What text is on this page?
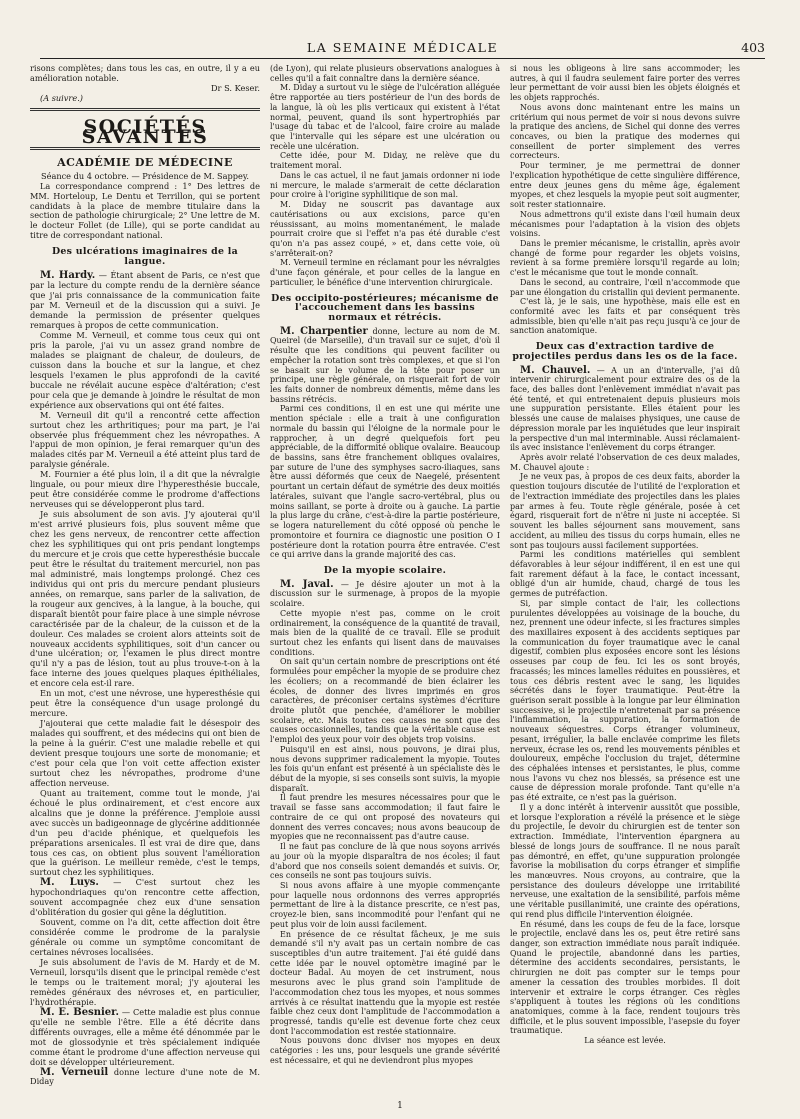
LA SEMAINE MÉDICALE	403

risons complètes; dans tous les cas, en outre, il y a eu amélioration notable.

Dr S. Keser.

(A suivre.)

SOCIÉTÉS SAVANTES
ACADÉMIE DE MÉDECINE

Séance du 4 octobre. — Présidence de M. Sappey.

La correspondance comprend : 1° Des lettres de MM. Horteloup, Le Dentu et Terrillon, qui se portent candidats à la place de membre titulaire dans la section de pathologie chirurgicale; 2° Une lettre de M. le docteur Follet (de Lille), qui se porte candidat au titre de correspondant national.

Des ulcérations imaginaires de la langue.

M. Hardy. — Étant absent de Paris, ce n'est que par la lecture du compte rendu de la dernière séance que j'ai pris connaissance de la communication faite par M. Verneuil et de la discussion qui a suivi. Je demande la permission de présenter quelques remarques à propos de cette communication.

Comme M. Verneuil, et comme tous ceux qui ont pris la parole, j'ai vu un assez grand nombre de malades se plaignant de chaleur, de douleurs, de cuisson dans la bouche et sur la langue, et chez lesquels l'examen le plus approfondi de la cavité buccale ne révélait aucune espèce d'altération; c'est pour cela que je demande à joindre le résultat de mon expérience aux observations qui ont été faites.

M. Verneuil dit qu'il a rencontré cette affection surtout chez les arthritiques; pour ma part, je l'ai observée plus fréquemment chez les névropathes. A l'appui de mon opinion, je ferai remarquer qu'un des malades cités par M. Verneuil a été atteint plus tard de paralysie générale.

M. Fournier a été plus loin, il a dit que la névralgie linguale, ou pour mieux dire l'hyperesthésie buccale, peut être considérée comme le prodrome d'affections nerveuses qui se développeront plus tard.

Je suis absolument de son avis. J'y ajouterai qu'il m'est arrivé plusieurs fois, plus souvent même que chez les gens nerveux, de rencontrer cette affection chez les syphilitiques qui ont pris pendant longtemps du mercure et je crois que cette hyperesthésie buccale peut être le résultat du traitement mercuriel, non pas mal administré, mais longtemps prolongé. Chez ces individus qui ont pris du mercure pendant plusieurs années, on remarque, sans parler de la salivation, de la rougeur aux gencives, à la langue, à la bouche, qui disparaît bientôt pour faire place à une simple névrose caractérisée par de la chaleur, de la cuisson et de la douleur. Ces malades se croient alors atteints soit de nouveaux accidents syphilitiques, soit d'un cancer ou d'une ulcération; or, l'examen le plus direct montre qu'il n'y a pas de lésion, tout au plus trouve-t-on à la face interne des joues quelques plaques épithéliales, et encore cela est-il rare.

En un mot, c'est une névrose, une hyperesthésie qui peut être la conséquence d'un usage prolongé du mercure.

J'ajouterai que cette maladie fait le désespoir des malades qui souffrent, et des médecins qui ont bien de la peine à la guérir. C'est une maladie rebelle et qui devient presque toujours une sorte de monomanie; et c'est pour cela que l'on voit cette affection exister surtout chez les névropathes, prodrome d'une affection nerveuse.

Quant au traitement, comme tout le monde, j'ai échoué le plus ordinairement, et c'est encore aux alcalins que je donne la préférence. J'emploie aussi avec succès un badigeonnage de glycérine additionnée d'un peu d'acide phénique, et quelquefois les préparations arsenicales. Il est vrai de dire que, dans tous ces cas, on obtient plus souvent l'amélioration que la guérison. Le meilleur remède, c'est le temps, surtout chez les syphilitiques.

M. Luys. — C'est surtout chez les hypochondriaques qu'on rencontre cette affection, souvent accompagnée chez eux d'une sensation d'oblitération du gosier qui gêne la déglutition.

Souvent, comme on l'a dit, cette affection doit être considérée comme le prodrome de la paralysie générale ou comme un symptôme concomitant de certaines névroses localisées.

Je suis absolument de l'avis de M. Hardy et de M. Verneuil, lorsqu'ils disent que le principal remède c'est le temps ou le traitement moral; j'y ajouterai les remèdes généraux des névroses et, en particulier, l'hydrothérapie.

M. E. Besnier. — Cette maladie est plus connue qu'elle ne semble l'être. Elle a été décrite dans différents ouvrages, elle a même été dénommée par le mot de glossodynie et très spécialement indiquée comme étant le prodrome d'une affection nerveuse qui doit se développer ultérieurement.

M. Verneuil donne lecture d'une note de M. Diday

(de Lyon), qui relate plusieurs observations analogues à celles qu'il a fait connaître dans la dernière séance.

M. Diday a surtout vu le siège de l'ulcération alléguée être rapportée au tiers postérieur de l'un des bords de la langue, là où les plis verticaux qui existent à l'état normal, peuvent, quand ils sont hypertrophiés par l'usage du tabac et de l'alcool, faire croire au malade que l'intervalle qui les sépare est une ulcération ou recèle une ulcération.

Cette idée, pour M. Diday, ne relève que du traitement moral.

Dans le cas actuel, il ne faut jamais ordonner ni iode ni mercure, le malade s'armerait de cette déclaration pour croire à l'origine syphilitique de son mal.

M. Diday ne souscrit pas davantage aux cautérisations ou aux excisions, parce qu'en réussissant, au moins momentanément, le malade pourrait croire que si l'effet n'a pas été durable c'est qu'on n'a pas assez coupé, » et, dans cette voie, où s'arrêterait-on?

M. Verneuil termine en réclamant pour les névralgies d'une façon générale, et pour celles de la langue en particulier, le bénéfice d'une intervention chirurgicale.

Des occipito-postérieures; mécanisme de l'accouchement dans les bassins normaux et rétrécis.

M. Charpentier donne, lecture au nom de M. Queirel (de Marseille), d'un travail sur ce sujet, d'où il résulte que les conditions qui peuvent faciliter ou empêcher la rotation sont très complexes, et que si l'on se basait sur le volume de la tête pour poser un principe, une règle générale, on risquerait fort de voir les faits donner de nombreux démentis, même dans les bassins rétrécis.

Parmi ces conditions, il en est une qui mérite une mention spéciale : elle a trait à une configuration normale du bassin qui l'éloigne de la normale pour le rapprocher, à un degré quelquefois fort peu appréciable, de la difformité oblique ovalaire. Beaucoup de bassins, sans être franchement obliques ovalaires, par suture de l'une des symphyses sacro-iliaques, sans être aussi déformés que ceux de Naegelé, présentent pourtant un certain défaut de symétrie des deux moitiés latérales, suivant que l'angle sacro-vertébral, plus ou moins saillant, se porte à droite ou à gauche. La partie la plus large du crâne, c'est-à-dire la partie postérieure, se logera naturellement du côté opposé où penche le promontoire et fournira ce diagnostic une position O I postérieure dont la rotation pourra être entravée. C'est ce qui arrive dans la grande majorité des cas.

De la myopie scolaire.

M. Javal. — Je désire ajouter un mot à la discussion sur le surmenage, à propos de la myopie scolaire.

Cette myopie n'est pas, comme on le croit ordinairement, la conséquence de la quantité de travail, mais bien de la qualité de ce travail. Elle se produit surtout chez les enfants qui lisent dans de mauvaises conditions.

On sait qu'un certain nombre de prescriptions ont été formulées pour empêcher la myopie de se produire chez les écoliers; on a recommandé de bien éclairer les écoles, de donner des livres imprimés en gros caractères, de préconiser certains systèmes d'écriture droite plutôt que penchée, d'améliorer le mobilier scolaire, etc. Mais toutes ces causes ne sont que des causes occasionnelles, tandis que la véritable cause est l'emploi des yeux pour voir des objets trop voisins.

Puisqu'il en est ainsi, nous pouvons, je dirai plus, nous devons supprimer radicalement la myopie. Toutes les fois qu'un enfant est présenté à un spécialiste dès le début de la myopie, si ses conseils sont suivis, la myopie disparaît.

Il faut prendre les mesures nécessaires pour que le travail se fasse sans accommodation; il faut faire le contraire de ce qui ont proposé des novateurs qui donnent des verres concaves; nous avons beaucoup de myopies que ne reconnaissent pas d'autre cause.

Il ne faut pas conclure de là que nous soyons arrivés au jour où la myopie disparaîtra de nos écoles; il faut d'abord que nos conseils soient demandés et suivis. Or, ces conseils ne sont pas toujours suivis.

Si nous avons affaire à une myopie commençante pour laquelle nous ordonnons des verres appropriés permettant de lire à la distance prescrite, ce n'est pas, croyez-le bien, sans incommodité pour l'enfant qui ne peut plus voir de loin aussi facilement.

En présence de ce résultat fâcheux, je me suis demandé s'il n'y avait pas un certain nombre de cas susceptibles d'un autre traitement. J'ai été guidé dans cette idée par le nouvel optomètre imaginé par le docteur Badal. Au moyen de cet instrument, nous mesurons avec le plus grand soin l'amplitude de l'accommodation chez tous les myopes, et nous sommes arrivés à ce résultat inattendu que la myopie est restée faible chez ceux dont l'amplitude de l'accommodation a progressé, tandis qu'elle est devenue forte chez ceux dont l'accommodation est restée stationnaire.

Nous pouvons donc diviser nos myopes en deux catégories : les uns, pour lesquels une grande sévérité est nécessaire, et qui ne deviendront plus myopes

si nous les obligeons à lire sans accommoder; les autres, à qui il faudra seulement faire porter des verres leur permettant de voir aussi bien les objets éloignés et les objets rapprochés.

Nous avons donc maintenant entre les mains un critérium qui nous permet de voir si nous devons suivre la pratique des anciens, de Sichel qui donne des verres concaves, ou bien la pratique des modernes qui conseillent de porter simplement des verres correcteurs.

Pour terminer, je me permettrai de donner l'explication hypothétique de cette singulière différence, entre deux jeunes gens du même âge, également myopes, et chez lesquels la myopie peut soit augmenter, soit rester stationnaire.

Nous admettrons qu'il existe dans l'œil humain deux mécanismes pour l'adaptation à la vision des objets voisins.

Dans le premier mécanisme, le cristallin, après avoir changé de forme pour regarder les objets voisins, revient à sa forme première lorsqu'il regarde au loin; c'est le mécanisme que tout le monde connaît.

Dans le second, au contraire, l'œil n'accommode que par une élongation du cristallin qui devient permanente.

C'est là, je le sais, une hypothèse, mais elle est en conformité avec les faits et par conséquent très admissible, bien qu'elle n'ait pas reçu jusqu'à ce jour de sanction anatomique.

Deux cas d'extraction tardive de projectiles perdus dans les os de la face.

M. Chauvel. — A un an d'intervalle, j'ai dû intervenir chirurgicalement pour extraire des os de la face, des balles dont l'enlèvement immédiat n'avait pas été tenté, et qui entretenaient depuis plusieurs mois une suppuration persistante. Elles étaient pour les blessés une cause de malaises physiques, une cause de dépression morale par les inquiétudes que leur inspirait la perspective d'un mal interminable. Aussi réclamaient-ils avec insistance l'enlèvement du corps étranger.

Après avoir relaté l'observation de ces deux malades, M. Chauvel ajoute :

Je ne veux pas, à propos de ces deux faits, aborder la question toujours discutée de l'utilité de l'exploration et de l'extraction immédiate des projectiles dans les plaies par armes à feu. Toute règle générale, posée à cet égard, risquerait fort de n'être ni juste ni acceptée. Si souvent les balles séjournent sans mouvement, sans accident, au milieu des tissus du corps humain, elles ne sont pas toujours aussi facilement supportées.

Parmi les conditions matérielles qui semblent défavorables à leur séjour indifférent, il en est une qui fait rarement défaut à la face, le contact incessant, obligé d'un air humide, chaud, chargé de tous les germes de putréfaction.

Si, par simple contact de l'air, les collections purulentes développées au voisinage de la bouche, du nez, prennent une odeur infecte, si les fractures simples des maxillaires exposent à des accidents septiques par la communication du foyer traumatique avec le canal digestif, combien plus exposées encore sont les lésions osseuses par coup de feu. Ici les os sont broyés, fracassés; les minces lamelles réduites en poussières, et tous ces débris restent avec le sang, les liquides sécrétés dans le foyer traumatique. Peut-être la guérison serait possible à la longue par leur élimination successive, si le projectile n'entretenait par sa présence l'inflammation, la suppuration, la formation de nouveaux séquestres. Corps étranger volumineux, pesant, irrégulier, la balle enclavée comprime les filets nerveux, écrase les os, rend les mouvements pénibles et douloureux, empêche l'occlusion du trajet, détermine des céphalées intenses et persistantes, le plus, comme nous l'avons vu chez nos blessés, sa présence est une cause de dépression morale profonde. Tant qu'elle n'a pas été extraite, ce n'est pas la guérison.

Il y a donc intérêt à intervenir aussitôt que possible, et lorsque l'exploration a révélé la présence et le siège du projectile, le devoir du chirurgien est de tenter son extraction. Immédiate, l'intervention épargnera au blessé de longs jours de souffrance. Il ne nous paraît pas démontré, en effet, qu'une suppuration prolongée favorise la mobilisation du corps étranger et simplifie les manœuvres. Nous croyons, au contraire, que la persistance des douleurs développe une irritabilité nerveuse, une exaltation de la sensibilité, parfois même une véritable pusillanimité, une crainte des opérations, qui rend plus difficile l'intervention éloignée.

En résumé, dans les coups de feu de la face, lorsque le projectile, enclavé dans les os, peut être retiré sans danger, son extraction immédiate nous paraît indiquée. Quand le projectile, abandonné dans les parties, détermine des accidents secondaires, persistants, le chirurgien ne doit pas compter sur le temps pour amener la cessation des troubles morbides. Il doit intervenir et extraire le corps étranger. Ces règles s'appliquent à toutes les régions où les conditions anatomiques, comme à la face, rendent toujours très difficile, et le plus souvent impossible, l'asepsie du foyer traumatique.

La séance est levée.

1
